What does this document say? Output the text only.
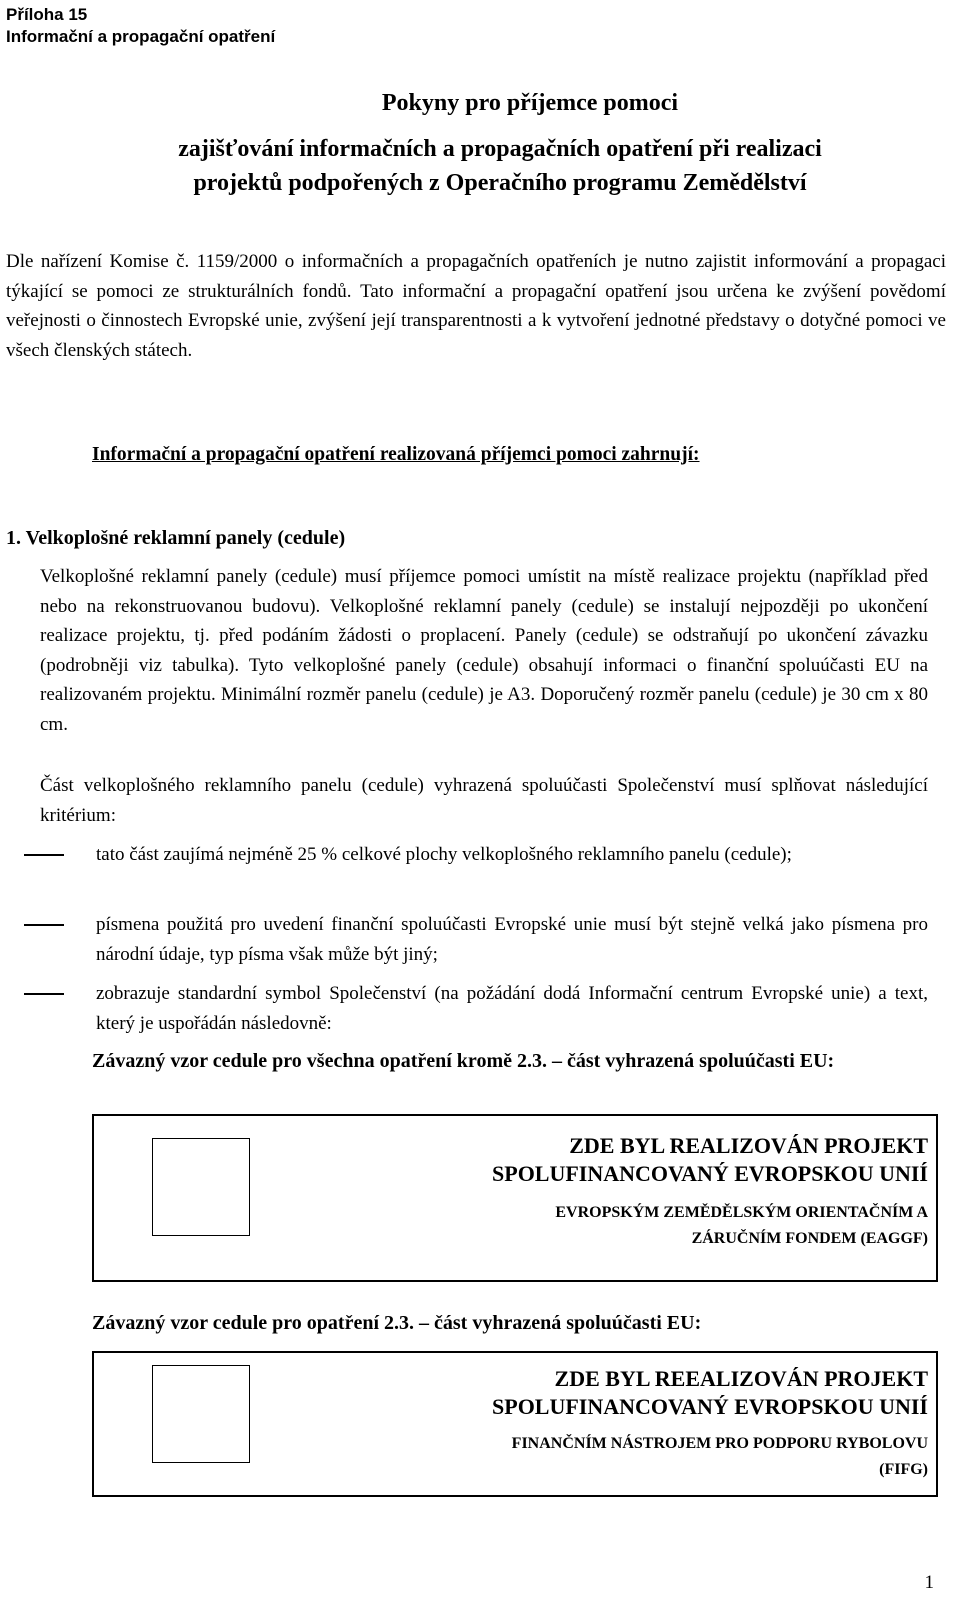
Příloha 15
Informační a propagační opatření
Pokyny pro příjemce pomoci
zajišťování informačních a propagačních opatření při realizaci
projektů podpořených z Operačního programu Zemědělství
Dle nařízení Komise č. 1159/2000 o informačních a propagačních opatřeních je nutno zajistit informování a propagaci týkající se pomoci ze strukturálních fondů. Tato informační a propagační opatření jsou určena ke zvýšení povědomí veřejnosti o činnostech Evropské unie, zvýšení její transparentnosti a k vytvoření jednotné představy o dotyčné pomoci ve všech členských státech.
Informační a propagační opatření realizovaná příjemci pomoci zahrnují:
1. Velkoplošné reklamní panely (cedule)
Velkoplošné reklamní panely (cedule) musí příjemce pomoci umístit na místě realizace projektu (například před nebo na rekonstruovanou budovu). Velkoplošné reklamní panely (cedule) se instalují nejpozději po ukončení realizace projektu, tj. před podáním žádosti o proplacení. Panely (cedule) se odstraňují po ukončení závazku (podrobněji viz tabulka). Tyto velkoplošné panely (cedule) obsahují informaci o finanční spoluúčasti EU na realizovaném projektu. Minimální rozměr panelu (cedule) je A3. Doporučený rozměr panelu (cedule) je 30 cm x 80 cm.
Část velkoplošného reklamního panelu (cedule) vyhrazená spoluúčasti Společenství musí splňovat následující kritérium:
tato část zaujímá nejméně 25 % celkové plochy velkoplošného reklamního panelu (cedule);
písmena použitá pro uvedení finanční spoluúčasti Evropské unie musí být stejně velká jako písmena pro národní údaje, typ písma však může být jiný;
zobrazuje standardní symbol Společenství (na požádání dodá Informační centrum Evropské unie) a text, který je uspořádán následovně:
Závazný vzor cedule pro všechna opatření kromě 2.3. – část vyhrazená spoluúčasti EU:
ZDE BYL REALIZOVÁN PROJEKT
SPOLUFINANCOVANÝ EVROPSKOU UNIÍ
EVROPSKÝM ZEMĚDĚLSKÝM ORIENTAČNÍM A
ZÁRUČNÍM FONDEM (EAGGF)
Závazný vzor cedule pro opatření 2.3. – část vyhrazená spoluúčasti EU:
ZDE BYL REEALIZOVÁN PROJEKT
SPOLUFINANCOVANÝ EVROPSKOU UNIÍ
FINANČNÍM NÁSTROJEM PRO PODPORU RYBOLOVU
(FIFG)
1
